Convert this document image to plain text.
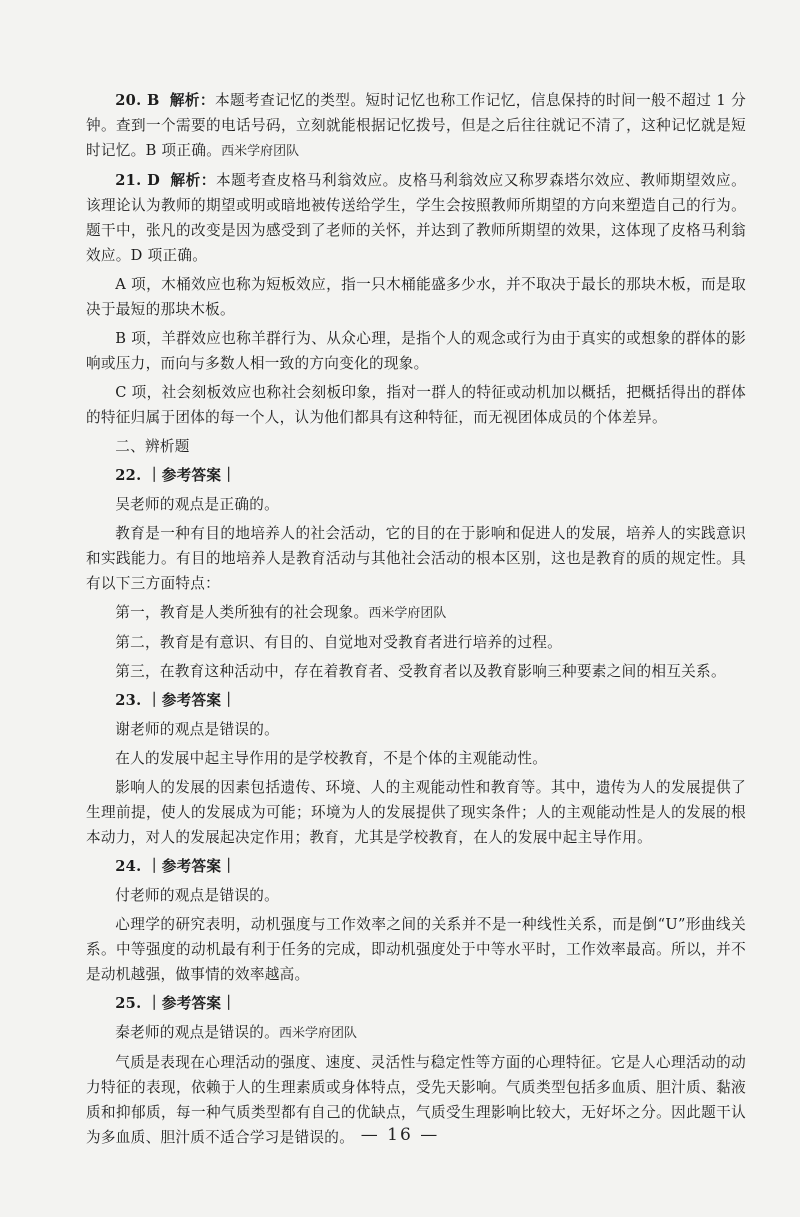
20. B 解析：本题考查记忆的类型。短时记忆也称工作记忆，信息保持的时间一般不超过 1 分钟。查到一个需要的电话号码，立刻就能根据记忆拨号，但是之后往往就记不清了，这种记忆就是短时记忆。B 项正确。西米学府团队

21. D 解析：本题考查皮格马利翁效应。皮格马利翁效应又称罗森塔尔效应、教师期望效应。该理论认为教师的期望或明或暗地被传送给学生，学生会按照教师所期望的方向来塑造自己的行为。题干中，张凡的改变是因为感受到了老师的关怀，并达到了教师所期望的效果，这体现了皮格马利翁效应。D 项正确。

A 项，木桶效应也称为短板效应，指一只木桶能盛多少水，并不取决于最长的那块木板，而是取决于最短的那块木板。

B 项，羊群效应也称羊群行为、从众心理，是指个人的观念或行为由于真实的或想象的群体的影响或压力，而向与多数人相一致的方向变化的现象。

C 项，社会刻板效应也称社会刻板印象，指对一群人的特征或动机加以概括，把概括得出的群体的特征归属于团体的每一个人，认为他们都具有这种特征，而无视团体成员的个体差异。

二、辨析题

22. ｜参考答案｜

吴老师的观点是正确的。

教育是一种有目的地培养人的社会活动，它的目的在于影响和促进人的发展，培养人的实践意识和实践能力。有目的地培养人是教育活动与其他社会活动的根本区别，这也是教育的质的规定性。具有以下三方面特点：

第一，教育是人类所独有的社会现象。西米学府团队

第二，教育是有意识、有目的、自觉地对受教育者进行培养的过程。

第三，在教育这种活动中，存在着教育者、受教育者以及教育影响三种要素之间的相互关系。

23. ｜参考答案｜

谢老师的观点是错误的。

在人的发展中起主导作用的是学校教育，不是个体的主观能动性。

影响人的发展的因素包括遗传、环境、人的主观能动性和教育等。其中，遗传为人的发展提供了生理前提，使人的发展成为可能；环境为人的发展提供了现实条件；人的主观能动性是人的发展的根本动力，对人的发展起决定作用；教育，尤其是学校教育，在人的发展中起主导作用。

24. ｜参考答案｜

付老师的观点是错误的。

心理学的研究表明，动机强度与工作效率之间的关系并不是一种线性关系，而是倒“U”形曲线关系。中等强度的动机最有利于任务的完成，即动机强度处于中等水平时，工作效率最高。所以，并不是动机越强，做事情的效率越高。

25. ｜参考答案｜

秦老师的观点是错误的。西米学府团队

气质是表现在心理活动的强度、速度、灵活性与稳定性等方面的心理特征。它是人心理活动的动力特征的表现，依赖于人的生理素质或身体特点，受先天影响。气质类型包括多血质、胆汁质、黏液质和抑郁质，每一种气质类型都有自己的优缺点，气质受生理影响比较大，无好坏之分。因此题干认为多血质、胆汁质不适合学习是错误的。 — 16 —
